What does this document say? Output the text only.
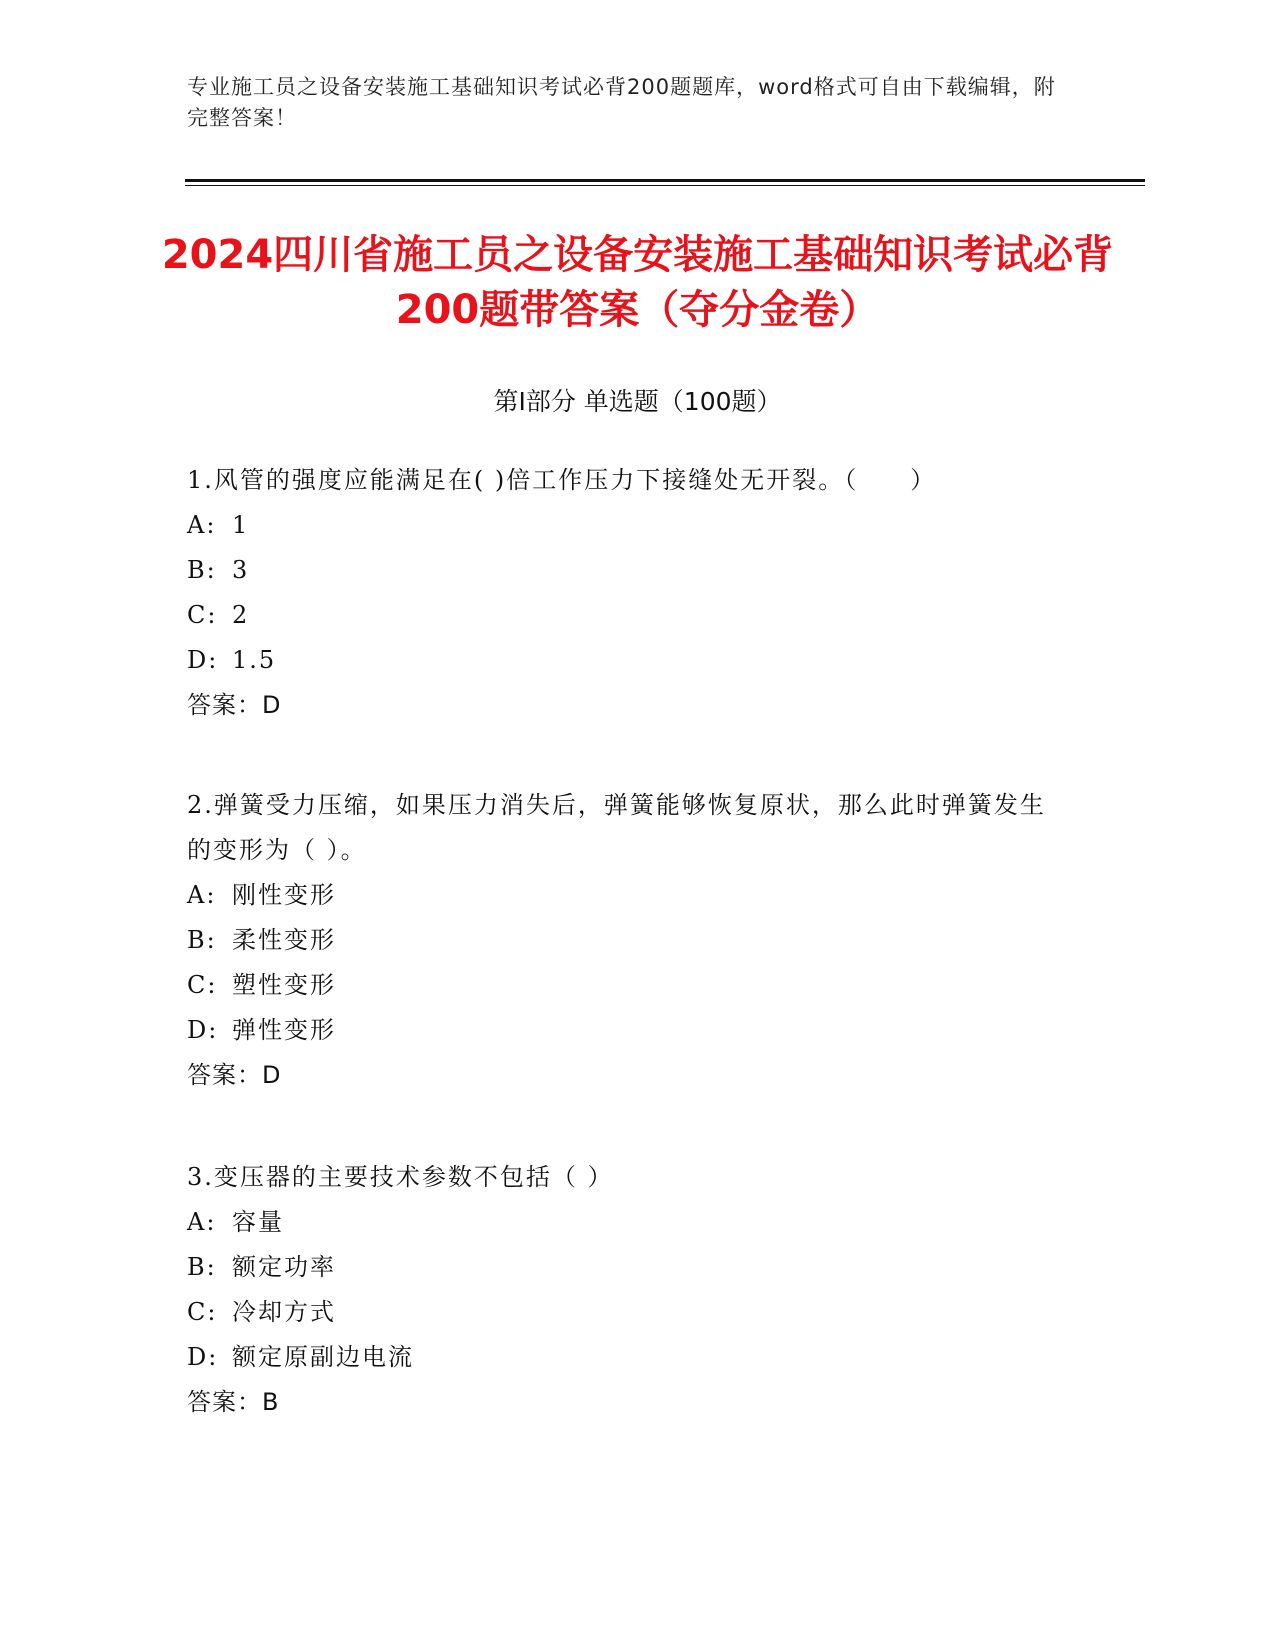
专业施工员之设备安装施工基础知识考试必背200题题库，word格式可自由下载编辑，附完整答案！
2024四川省施工员之设备安装施工基础知识考试必背200题带答案（夺分金卷）
第I部分 单选题（100题）
1.风管的强度应能满足在( )倍工作压力下接缝处无开裂。（　　）
A: 1
B: 3
C: 2
D: 1.5
答案：D
2.弹簧受力压缩，如果压力消失后，弹簧能够恢复原状，那么此时弹簧发生的变形为（ ）。
A: 刚性变形
B: 柔性变形
C: 塑性变形
D: 弹性变形
答案：D
3.变压器的主要技术参数不包括（ ）
A: 容量
B: 额定功率
C: 冷却方式
D: 额定原副边电流
答案：B
